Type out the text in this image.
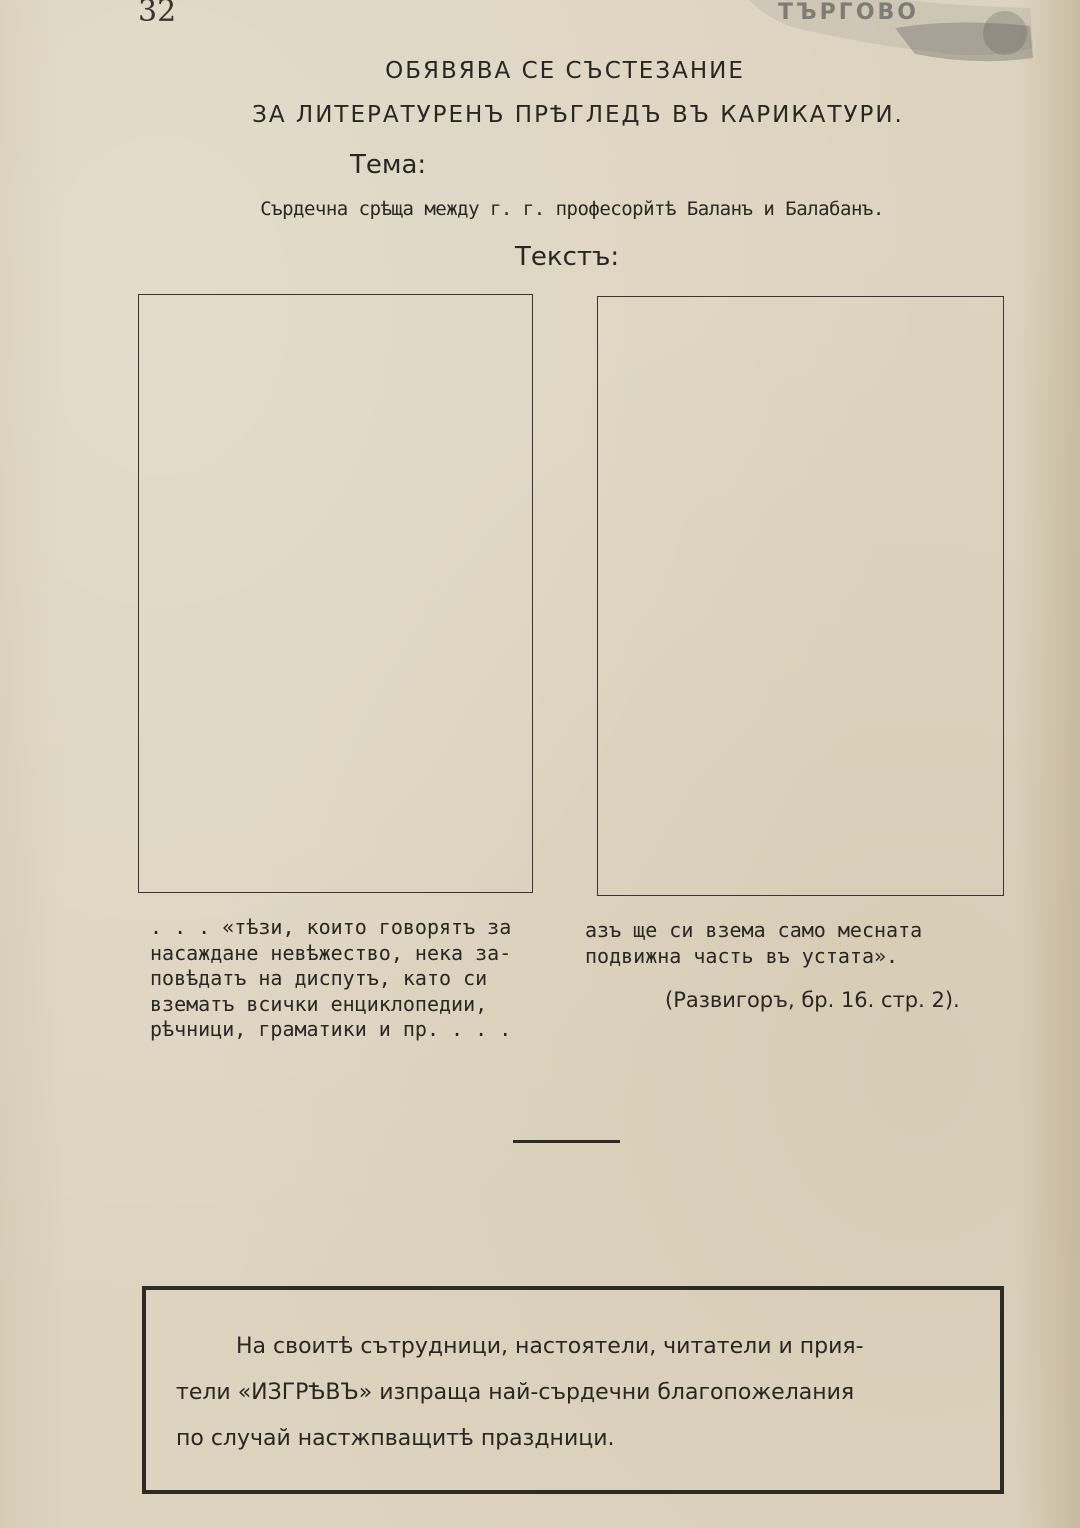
32	ТЪРГОВО
ОБЯВЯВА СЕ СЪСТЕЗАНИЕ
ЗА ЛИТЕРАТУРЕНЪ ПРѢГЛЕДЪ ВЪ КАРИКАТУРИ.
Тема:
Сърдечна срѣща между г. г. професорйтѣ Баланъ и Балабанъ.
Текстъ:
. . . «тѣзи, които говорятъ за
насаждане невѣжество, нека за-
повѣдатъ на диспутъ, като си
взематъ всички енциклопедии,
рѣчници, граматики и пр. . . .
азъ ще си взема само месната
подвижна часть въ устата».
(Развигоръ, бр. 16. стр. 2).
На своитѣ сътрудници, настоятели, читатели и прия-
тели «ИЗГРѢВЪ» изпраща най-сърдечни благопожелания
по случай настжпващитѣ праздници.
